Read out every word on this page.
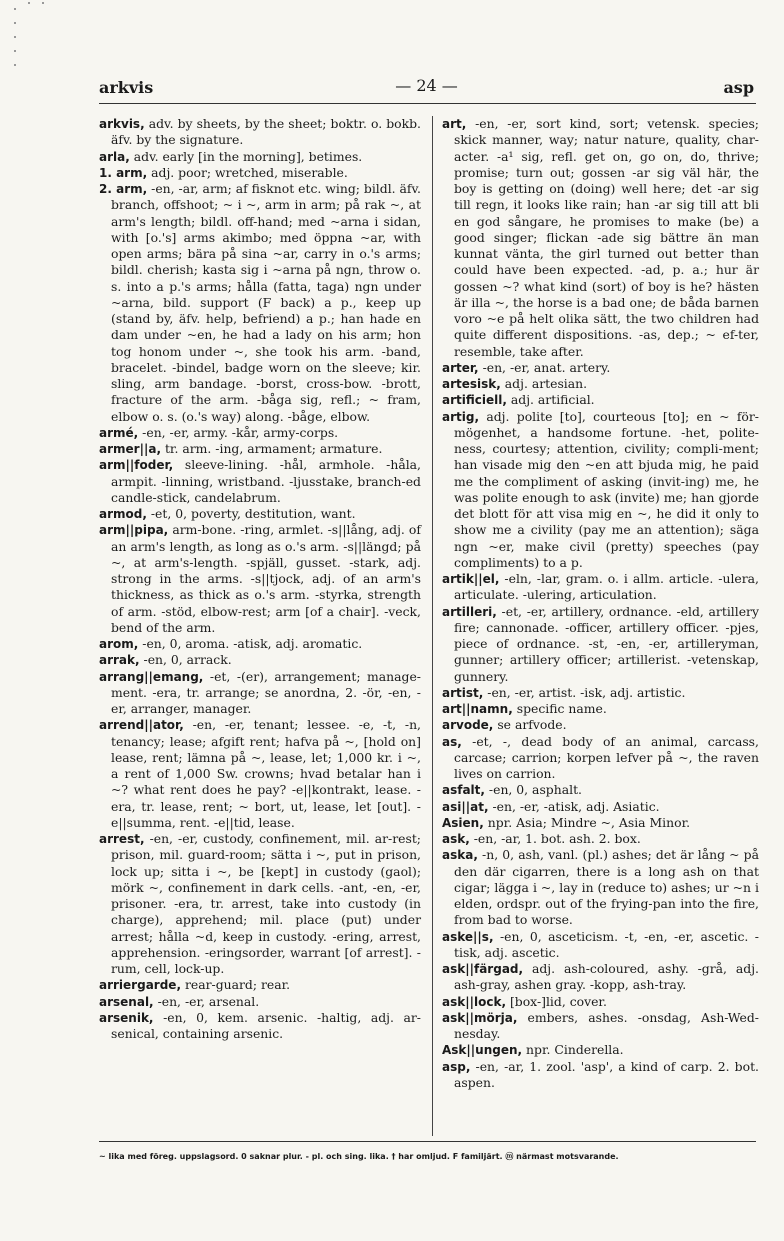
arkvis	— 24 —	asp

arkvis, adv. by sheets, by the sheet; boktr. o. bokb. äfv. by the signature.

arla, adv. early [in the morning], betimes.

1. arm, adj. poor; wretched, miserable.

2. arm, -en, -ar, arm; af fisknot etc. wing; bildl. äfv. branch, offshoot; ~ i ~, arm in arm; på rak ~, at arm's length; bildl. off-hand; med ~arna i sidan, with [o.'s] arms akimbo; med öppna ~ar, with open arms; bära på sina ~ar, carry in o.'s arms; bildl. cherish; kasta sig i ~arna på ngn, throw o. s. into a p.'s arms; hålla (fatta, taga) ngn under ~arna, bild. support (F back) a p., keep up (stand by, äfv. help, befriend) a p.; han hade en dam under ~en, he had a lady on his arm; hon tog honom under ~, she took his arm. -band, bracelet. -bindel, badge worn on the sleeve; kir. sling, arm bandage. -borst, cross-bow. -brott, fracture of the arm. -båga sig, refl.; ~ fram, elbow o. s. (o.'s way) along. -båge, elbow.

armé, -en, -er, army. -kår, army-corps.

armer||a, tr. arm. -ing, armament; armature.

arm||foder, sleeve-lining. -hål, armhole. -håla, armpit. -linning, wristband. -ljusstake, branch-ed candle-stick, candelabrum.

armod, -et, 0, poverty, destitution, want.

arm||pipa, arm-bone. -ring, armlet. -s||lång, adj. of an arm's length, as long as o.'s arm. -s||längd; på ~, at arm's-length. -spjäll, gusset. -stark, adj. strong in the arms. -s||tjock, adj. of an arm's thickness, as thick as o.'s arm. -styrka, strength of arm. -stöd, elbow-rest; arm [of a chair]. -veck, bend of the arm.

arom, -en, 0, aroma. -atisk, adj. aromatic.

arrak, -en, 0, arrack.

arrang||emang, -et, -(er), arrangement; manage-ment. -era, tr. arrange; se anordna, 2. -ör, -en, -er, arranger, manager.

arrend||ator, -en, -er, tenant; lessee. -e, -t, -n, tenancy; lease; afgift rent; hafva på ~, [hold on] lease, rent; lämna på ~, lease, let; 1,000 kr. i ~, a rent of 1,000 Sw. crowns; hvad betalar han i ~? what rent does he pay? -e||kontrakt, lease. -era, tr. lease, rent; ~ bort, ut, lease, let [out]. -e||summa, rent. -e||tid, lease.

arrest, -en, -er, custody, confinement, mil. ar-rest; prison, mil. guard-room; sätta i ~, put in prison, lock up; sitta i ~, be [kept] in custody (gaol); mörk ~, confinement in dark cells. -ant, -en, -er, prisoner. -era, tr. arrest, take into custody (in charge), apprehend; mil. place (put) under arrest; hålla ~d, keep in custody. -ering, arrest, apprehension. -eringsorder, warrant [of arrest]. -rum, cell, lock-up.

arriergarde, rear-guard; rear.

arsenal, -en, -er, arsenal.

arsenik, -en, 0, kem. arsenic. -haltig, adj. ar-senical, containing arsenic.

art, -en, -er, sort kind, sort; vetensk. species; skick manner, way; natur nature, quality, char-acter. -a¹ sig, refl. get on, go on, do, thrive; promise; turn out; gossen -ar sig väl här, the boy is getting on (doing) well here; det -ar sig till regn, it looks like rain; han -ar sig till att bli en god sångare, he promises to make (be) a good singer; flickan -ade sig bättre än man kunnat vänta, the girl turned out better than could have been expected. -ad, p. a.; hur är gossen ~? what kind (sort) of boy is he? hästen är illa ~, the horse is a bad one; de båda barnen voro ~e på helt olika sätt, the two children had quite different dispositions. -as, dep.; ~ ef-ter, resemble, take after.

arter, -en, -er, anat. artery.

artesisk, adj. artesian.

artificiell, adj. artificial.

artig, adj. polite [to], courteous [to]; en ~ för-mögenhet, a handsome fortune. -het, polite-ness, courtesy; attention, civility; compli-ment; han visade mig den ~en att bjuda mig, he paid me the compliment of asking (invit-ing) me, he was polite enough to ask (invite) me; han gjorde det blott för att visa mig en ~, he did it only to show me a civility (pay me an attention); säga ngn ~er, make civil (pretty) speeches (pay compliments) to a p.

artik||el, -eln, -lar, gram. o. i allm. article. -ulera, articulate. -ulering, articulation.

artilleri, -et, -er, artillery, ordnance. -eld, artillery fire; cannonade. -officer, artillery officer. -pjes, piece of ordnance. -st, -en, -er, artilleryman, gunner; artillery officer; artillerist. -vetenskap, gunnery.

artist, -en, -er, artist. -isk, adj. artistic.

art||namn, specific name.

arvode, se arfvode.

as, -et, -, dead body of an animal, carcass, carcase; carrion; korpen lefver på ~, the raven lives on carrion.

asfalt, -en, 0, asphalt.

asi||at, -en, -er, -atisk, adj. Asiatic.

Asien, npr. Asia; Mindre ~, Asia Minor.

ask, -en, -ar, 1. bot. ash. 2. box.

aska, -n, 0, ash, vanl. (pl.) ashes; det är lång ~ på den där cigarren, there is a long ash on that cigar; lägga i ~, lay in (reduce to) ashes; ur ~n i elden, ordspr. out of the frying-pan into the fire, from bad to worse.

aske||s, -en, 0, asceticism. -t, -en, -er, ascetic. -tisk, adj. ascetic.

ask||färgad, adj. ash-coloured, ashy. -grå, adj. ash-gray, ashen gray. -kopp, ash-tray.

ask||lock, [box-]lid, cover.

ask||mörja, embers, ashes. -onsdag, Ash-Wed-nesday.

Ask||ungen, npr. Cinderella.

asp, -en, -ar, 1. zool. 'asp', a kind of carp. 2. bot. aspen.

~ lika med föreg. uppslagsord. 0 saknar plur. - pl. och sing. lika. † har omljud. F familjärt. ⓜ närmast motsvarande.
